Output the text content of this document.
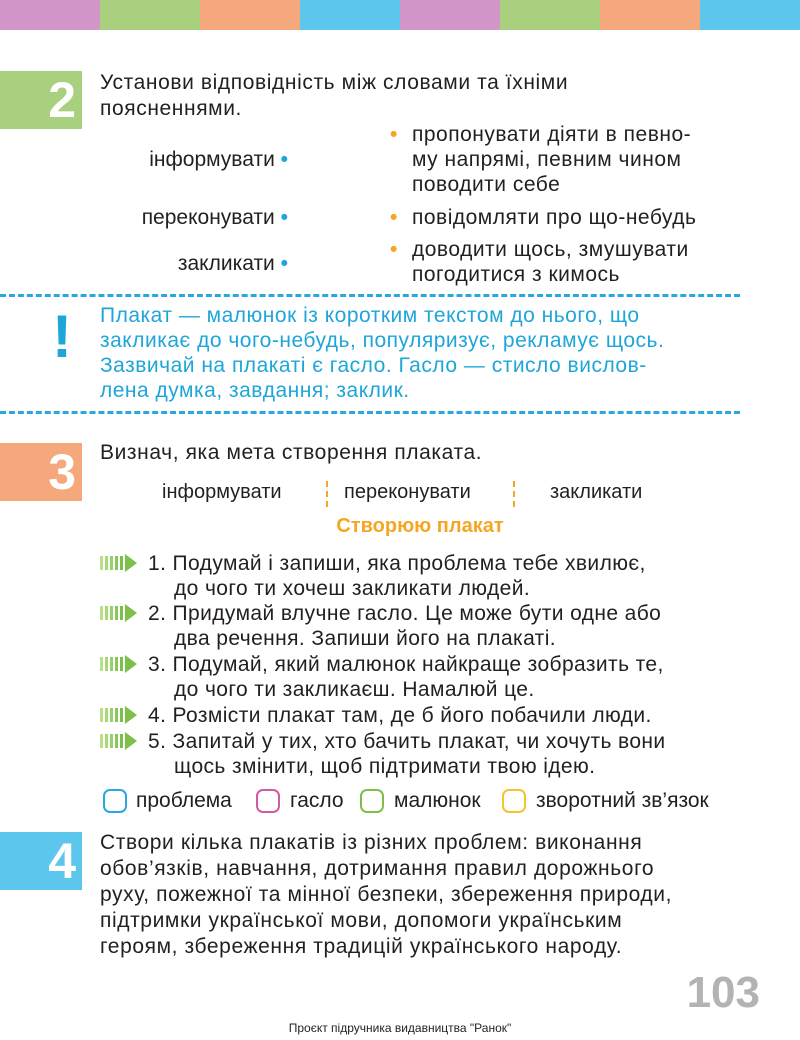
2 Установи відповідність між словами та їхніми
поясненнями.
інформувати •
переконувати •
закликати •
• пропонувати діяти в певно-
му напрямі, певним чином
поводити себе
• повідомляти про що-небудь
• доводити щось, змушувати
погодитися з кимось
! Плакат — малюнок із коротким текстом до нього, що
закликає до чого-небудь, популяризує, рекламує щось.
Зазвичай на плакаті є гасло. Гасло — стисло вислов-
лена думка, завдання; заклик.
3 Визнач, яка мета створення плаката.
інформувати	переконувати	закликати
Створюю плакат
1. Подумай і запиши, яка проблема тебе хвилює,
до чого ти хочеш закликати людей.
2. Придумай влучне гасло. Це може бути одне або
два речення. Запиши його на плакаті.
3. Подумай, який малюнок найкраще зобразить те,
до чого ти закликаєш. Намалюй це.
4. Розмісти плакат там, де б його побачили люди.
5. Запитай у тих, хто бачить плакат, чи хочуть вони
щось змінити, щоб підтримати твою ідею.
проблема	гасло малюнок	зворотний зв’язок
4 Створи кілька плакатів із різних проблем: виконання
обов’язків, навчання, дотримання правил дорожнього
руху, пожежної та мінної безпеки, збереження природи,
підтримки української мови, допомоги українським
героям, збереження традицій українського народу.
103
Проєкт підручника видавництва "Ранок"
